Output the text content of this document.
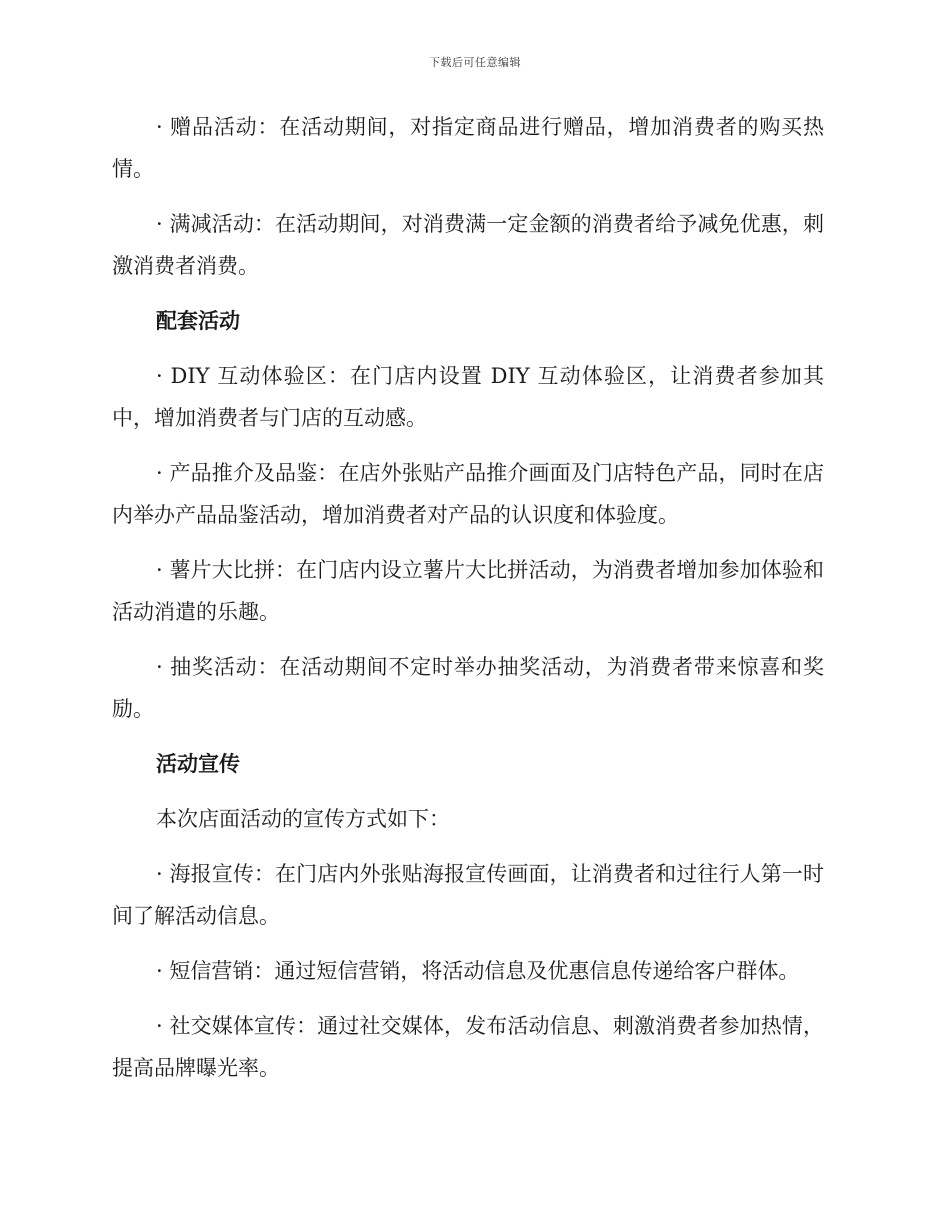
下载后可任意编辑

· 赠品活动：在活动期间，对指定商品进行赠品，增加消费者的购买热情。

· 满减活动：在活动期间，对消费满一定金额的消费者给予减免优惠，刺激消费者消费。

配套活动

· DIY 互动体验区：在门店内设置 DIY 互动体验区，让消费者参加其中，增加消费者与门店的互动感。

· 产品推介及品鉴：在店外张贴产品推介画面及门店特色产品，同时在店内举办产品品鉴活动，增加消费者对产品的认识度和体验度。

· 薯片大比拼：在门店内设立薯片大比拼活动，为消费者增加参加体验和活动消遣的乐趣。

· 抽奖活动：在活动期间不定时举办抽奖活动，为消费者带来惊喜和奖励。

活动宣传

本次店面活动的宣传方式如下：

· 海报宣传：在门店内外张贴海报宣传画面，让消费者和过往行人第一时间了解活动信息。

· 短信营销：通过短信营销，将活动信息及优惠信息传递给客户群体。

· 社交媒体宣传：通过社交媒体，发布活动信息、刺激消费者参加热情，提高品牌曝光率。
